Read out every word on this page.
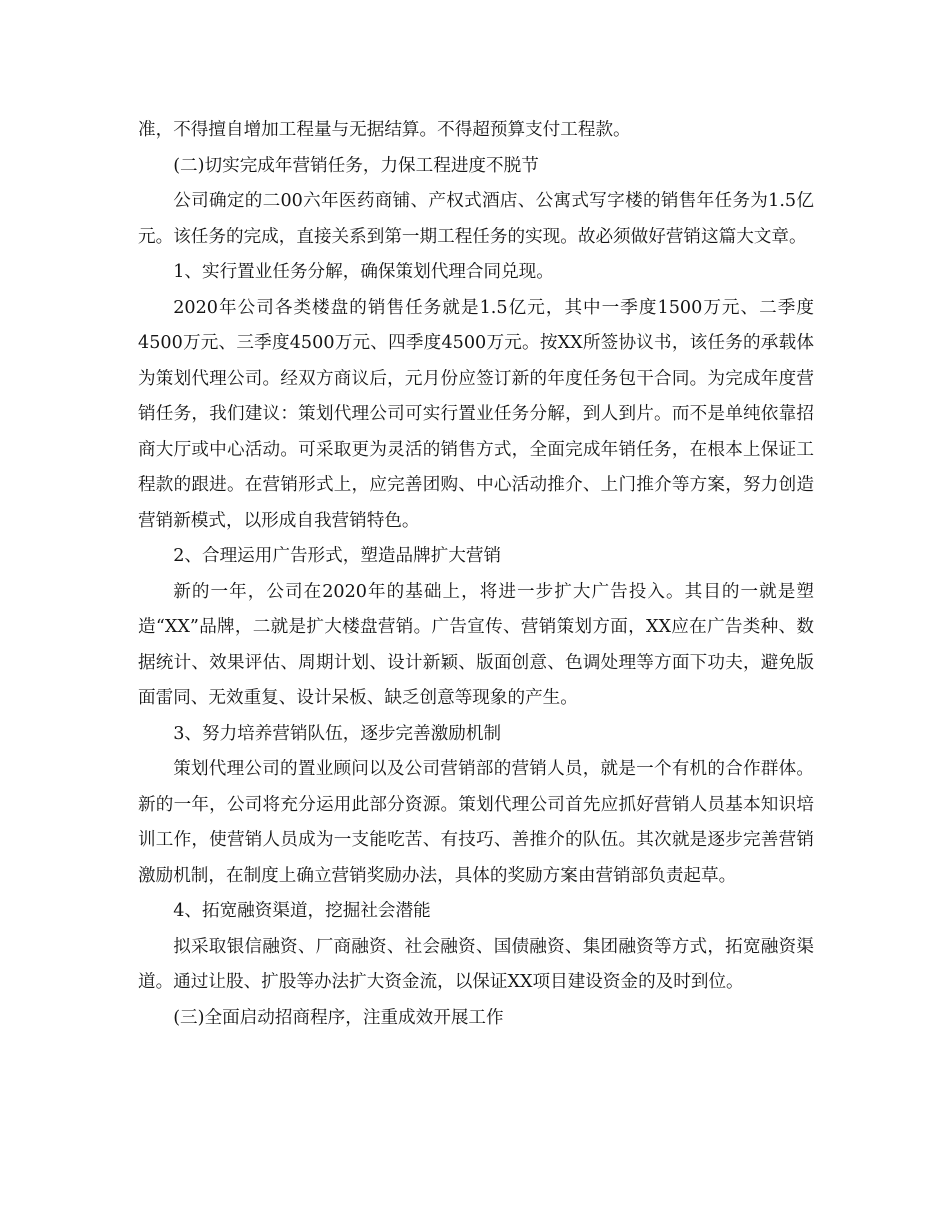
准，不得擅自增加工程量与无据结算。不得超预算支付工程款。

(二)切实完成年营销任务，力保工程进度不脱节

公司确定的二00六年医药商铺、产权式酒店、公寓式写字楼的销售年任务为1.5亿元。该任务的完成，直接关系到第一期工程任务的实现。故必须做好营销这篇大文章。

1、实行置业任务分解，确保策划代理合同兑现。

2020年公司各类楼盘的销售任务就是1.5亿元，其中一季度1500万元、二季度4500万元、三季度4500万元、四季度4500万元。按XX所签协议书，该任务的承载体为策划代理公司。经双方商议后，元月份应签订新的年度任务包干合同。为完成年度营销任务，我们建议：策划代理公司可实行置业任务分解，到人到片。而不是单纯依靠招商大厅或中心活动。可采取更为灵活的销售方式，全面完成年销任务，在根本上保证工程款的跟进。在营销形式上，应完善团购、中心活动推介、上门推介等方案，努力创造营销新模式，以形成自我营销特色。

2、合理运用广告形式，塑造品牌扩大营销

新的一年，公司在2020年的基础上，将进一步扩大广告投入。其目的一就是塑造“XX”品牌，二就是扩大楼盘营销。广告宣传、营销策划方面，XX应在广告类种、数据统计、效果评估、周期计划、设计新颖、版面创意、色调处理等方面下功夫，避免版面雷同、无效重复、设计呆板、缺乏创意等现象的产生。

3、努力培养营销队伍，逐步完善激励机制

策划代理公司的置业顾问以及公司营销部的营销人员，就是一个有机的合作群体。新的一年，公司将充分运用此部分资源。策划代理公司首先应抓好营销人员基本知识培训工作，使营销人员成为一支能吃苦、有技巧、善推介的队伍。其次就是逐步完善营销激励机制，在制度上确立营销奖励办法，具体的奖励方案由营销部负责起草。

4、拓宽融资渠道，挖掘社会潜能

拟采取银信融资、厂商融资、社会融资、国债融资、集团融资等方式，拓宽融资渠道。通过让股、扩股等办法扩大资金流，以保证XX项目建设资金的及时到位。

(三)全面启动招商程序，注重成效开展工作
